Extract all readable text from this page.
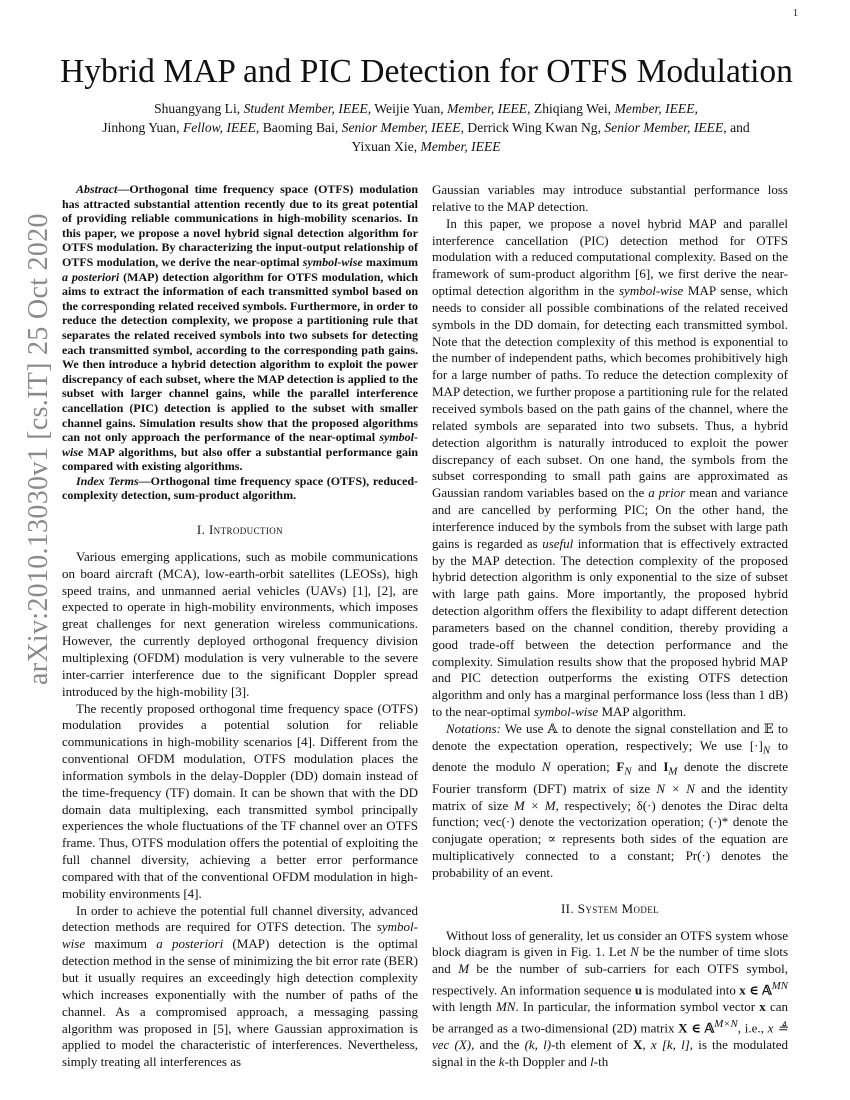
1
arXiv:2010.13030v1 [cs.IT] 25 Oct 2020
Hybrid MAP and PIC Detection for OTFS Modulation
Shuangyang Li, Student Member, IEEE, Weijie Yuan, Member, IEEE, Zhiqiang Wei, Member, IEEE,
Jinhong Yuan, Fellow, IEEE, Baoming Bai, Senior Member, IEEE, Derrick Wing Kwan Ng, Senior Member, IEEE, and
Yixuan Xie, Member, IEEE

Abstract—Orthogonal time frequency space (OTFS) modulation has attracted substantial attention recently due to its great potential of providing reliable communications in high-mobility scenarios. In this paper, we propose a novel hybrid signal detection algorithm for OTFS modulation. By characterizing the input-output relationship of OTFS modulation, we derive the near-optimal symbol-wise maximum a posteriori (MAP) detection algorithm for OTFS modulation, which aims to extract the information of each transmitted symbol based on the corresponding related received symbols. Furthermore, in order to reduce the detection complexity, we propose a partitioning rule that separates the related received symbols into two subsets for detecting each transmitted symbol, according to the corresponding path gains. We then introduce a hybrid detection algorithm to exploit the power discrepancy of each subset, where the MAP detection is applied to the subset with larger channel gains, while the parallel interference cancellation (PIC) detection is applied to the subset with smaller channel gains. Simulation results show that the proposed algorithms can not only approach the performance of the near-optimal symbol-wise MAP algorithms, but also offer a substantial performance gain compared with existing algorithms.

Index Terms—Orthogonal time frequency space (OTFS), reduced-complexity detection, sum-product algorithm.

I. Introduction

Various emerging applications, such as mobile communications on board aircraft (MCA), low-earth-orbit satellites (LEOSs), high speed trains, and unmanned aerial vehicles (UAVs) [1], [2], are expected to operate in high-mobility environments, which imposes great challenges for next generation wireless communications. However, the currently deployed orthogonal frequency division multiplexing (OFDM) modulation is very vulnerable to the severe inter-carrier interference due to the significant Doppler spread introduced by the high-mobility [3].

The recently proposed orthogonal time frequency space (OTFS) modulation provides a potential solution for reliable communications in high-mobility scenarios [4]. Different from the conventional OFDM modulation, OTFS modulation places the information symbols in the delay-Doppler (DD) domain instead of the time-frequency (TF) domain. It can be shown that with the DD domain data multiplexing, each transmitted symbol principally experiences the whole fluctuations of the TF channel over an OTFS frame. Thus, OTFS modulation offers the potential of exploiting the full channel diversity, achieving a better error performance compared with that of the conventional OFDM modulation in high-mobility environments [4].

In order to achieve the potential full channel diversity, advanced detection methods are required for OTFS detection. The symbol-wise maximum a posteriori (MAP) detection is the optimal detection method in the sense of minimizing the bit error rate (BER) but it usually requires an exceedingly high detection complexity which increases exponentially with the number of paths of the channel. As a compromised approach, a messaging passing algorithm was proposed in [5], where Gaussian approximation is applied to model the characteristic of interferences. Nevertheless, simply treating all interferences as

Gaussian variables may introduce substantial performance loss relative to the MAP detection.

In this paper, we propose a novel hybrid MAP and parallel interference cancellation (PIC) detection method for OTFS modulation with a reduced computational complexity. Based on the framework of sum-product algorithm [6], we first derive the near-optimal detection algorithm in the symbol-wise MAP sense, which needs to consider all possible combinations of the related received symbols in the DD domain, for detecting each transmitted symbol. Note that the detection complexity of this method is exponential to the number of independent paths, which becomes prohibitively high for a large number of paths. To reduce the detection complexity of MAP detection, we further propose a partitioning rule for the related received symbols based on the path gains of the channel, where the related symbols are separated into two subsets. Thus, a hybrid detection algorithm is naturally introduced to exploit the power discrepancy of each subset. On one hand, the symbols from the subset corresponding to small path gains are approximated as Gaussian random variables based on the a prior mean and variance and are cancelled by performing PIC; On the other hand, the interference induced by the symbols from the subset with large path gains is regarded as useful information that is effectively extracted by the MAP detection. The detection complexity of the proposed hybrid detection algorithm is only exponential to the size of subset with large path gains. More importantly, the proposed hybrid detection algorithm offers the flexibility to adapt different detection parameters based on the channel condition, thereby providing a good trade-off between the detection performance and the complexity. Simulation results show that the proposed hybrid MAP and PIC detection outperforms the existing OTFS detection algorithm and only has a marginal performance loss (less than 1 dB) to the near-optimal symbol-wise MAP algorithm.

Notations: We use 𝔸 to denote the signal constellation and 𝔼 to denote the expectation operation, respectively; We use $[\cdot]_N$ to denote the modulo N operation; $F_N$ and $I_M$ denote the discrete Fourier transform (DFT) matrix of size N × N and the identity matrix of size M × M, respectively; δ(·) denotes the Dirac delta function; vec(·) denote the vectorization operation; (·)* denote the conjugate operation; ∝ represents both sides of the equation are multiplicatively connected to a constant; Pr(·) denotes the probability of an event.

II. System Model

Without loss of generality, let us consider an OTFS system whose block diagram is given in Fig. 1. Let N be the number of time slots and M be the number of sub-carriers for each OTFS symbol, respectively. An information sequence u is modulated into x ∈ 𝔸$^{MN}$ with length MN. In particular, the information symbol vector x can be arranged as a two-dimensional (2D) matrix X ∈ 𝔸$^{M\times N}$, i.e., x ≜ vec (X), and the (k, l)-th element of X, x [k, l], is the modulated signal in the k-th Doppler and l-th
